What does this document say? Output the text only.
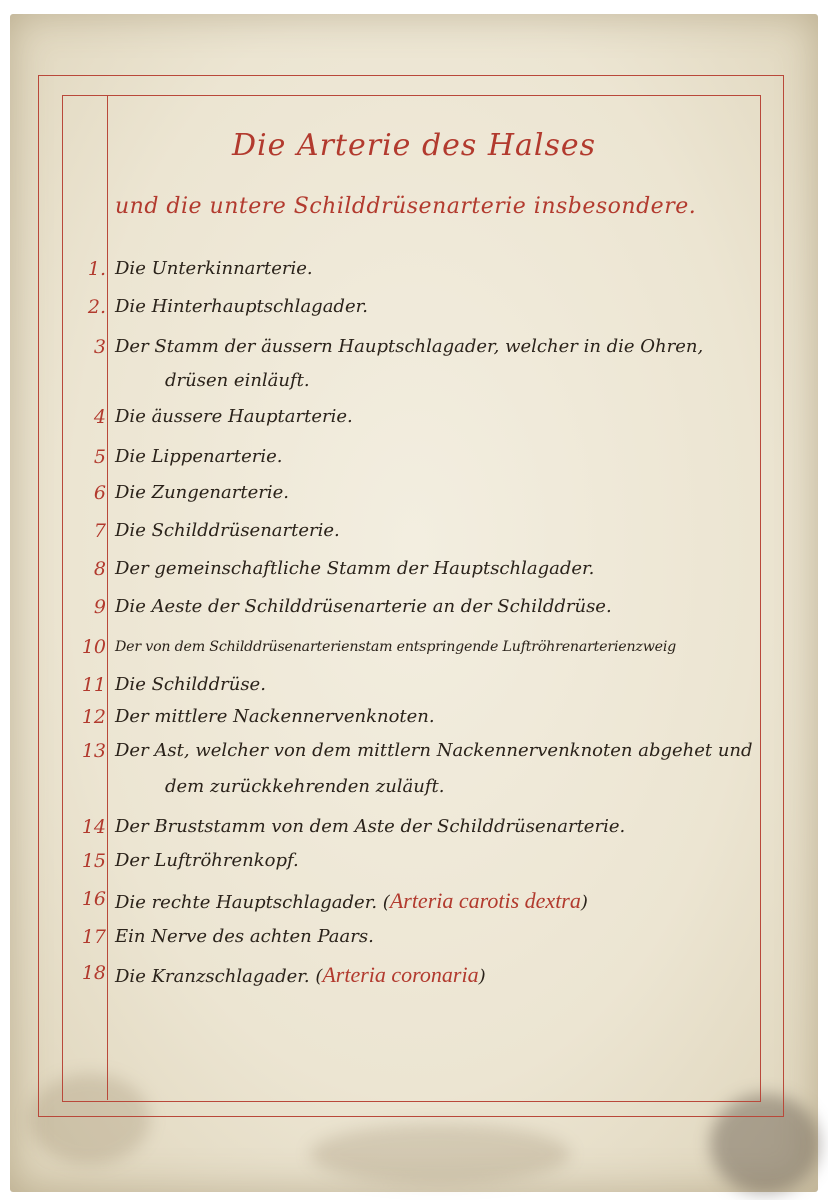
Die Arterie des Halses
und die untere Schilddrüsenarterie insbesondere.
1. Die Unterkinnarterie.
2. Die Hinterhauptschlagader.
3 Der Stamm der äussern Hauptschlagader, welcher in die Ohren,
drüsen einläuft.
4 Die äussere Hauptarterie.
5 Die Lippenarterie.
6 Die Zungenarterie.
7 Die Schilddrüsenarterie.
8 Der gemeinschaftliche Stamm der Hauptschlagader.
9 Die Aeste der Schilddrüsenarterie an der Schilddrüse.
10 Der von dem Schilddrüsenarterienstam entspringende Luftröhrenarterienzweig
11 Die Schilddrüse.
12 Der mittlere Nackennervenknoten.
13 Der Ast, welcher von dem mittlern Nackennervenknoten abgehet und
dem zurückkehrenden zuläuft.
14 Der Bruststamm von dem Aste der Schilddrüsenarterie.
15 Der Luftröhrenkopf.
16 Die rechte Hauptschlagader. (Arteria carotis dextra)
17 Ein Nerve des achten Paars.
18 Die Kranzschlagader. (Arteria coronaria)
